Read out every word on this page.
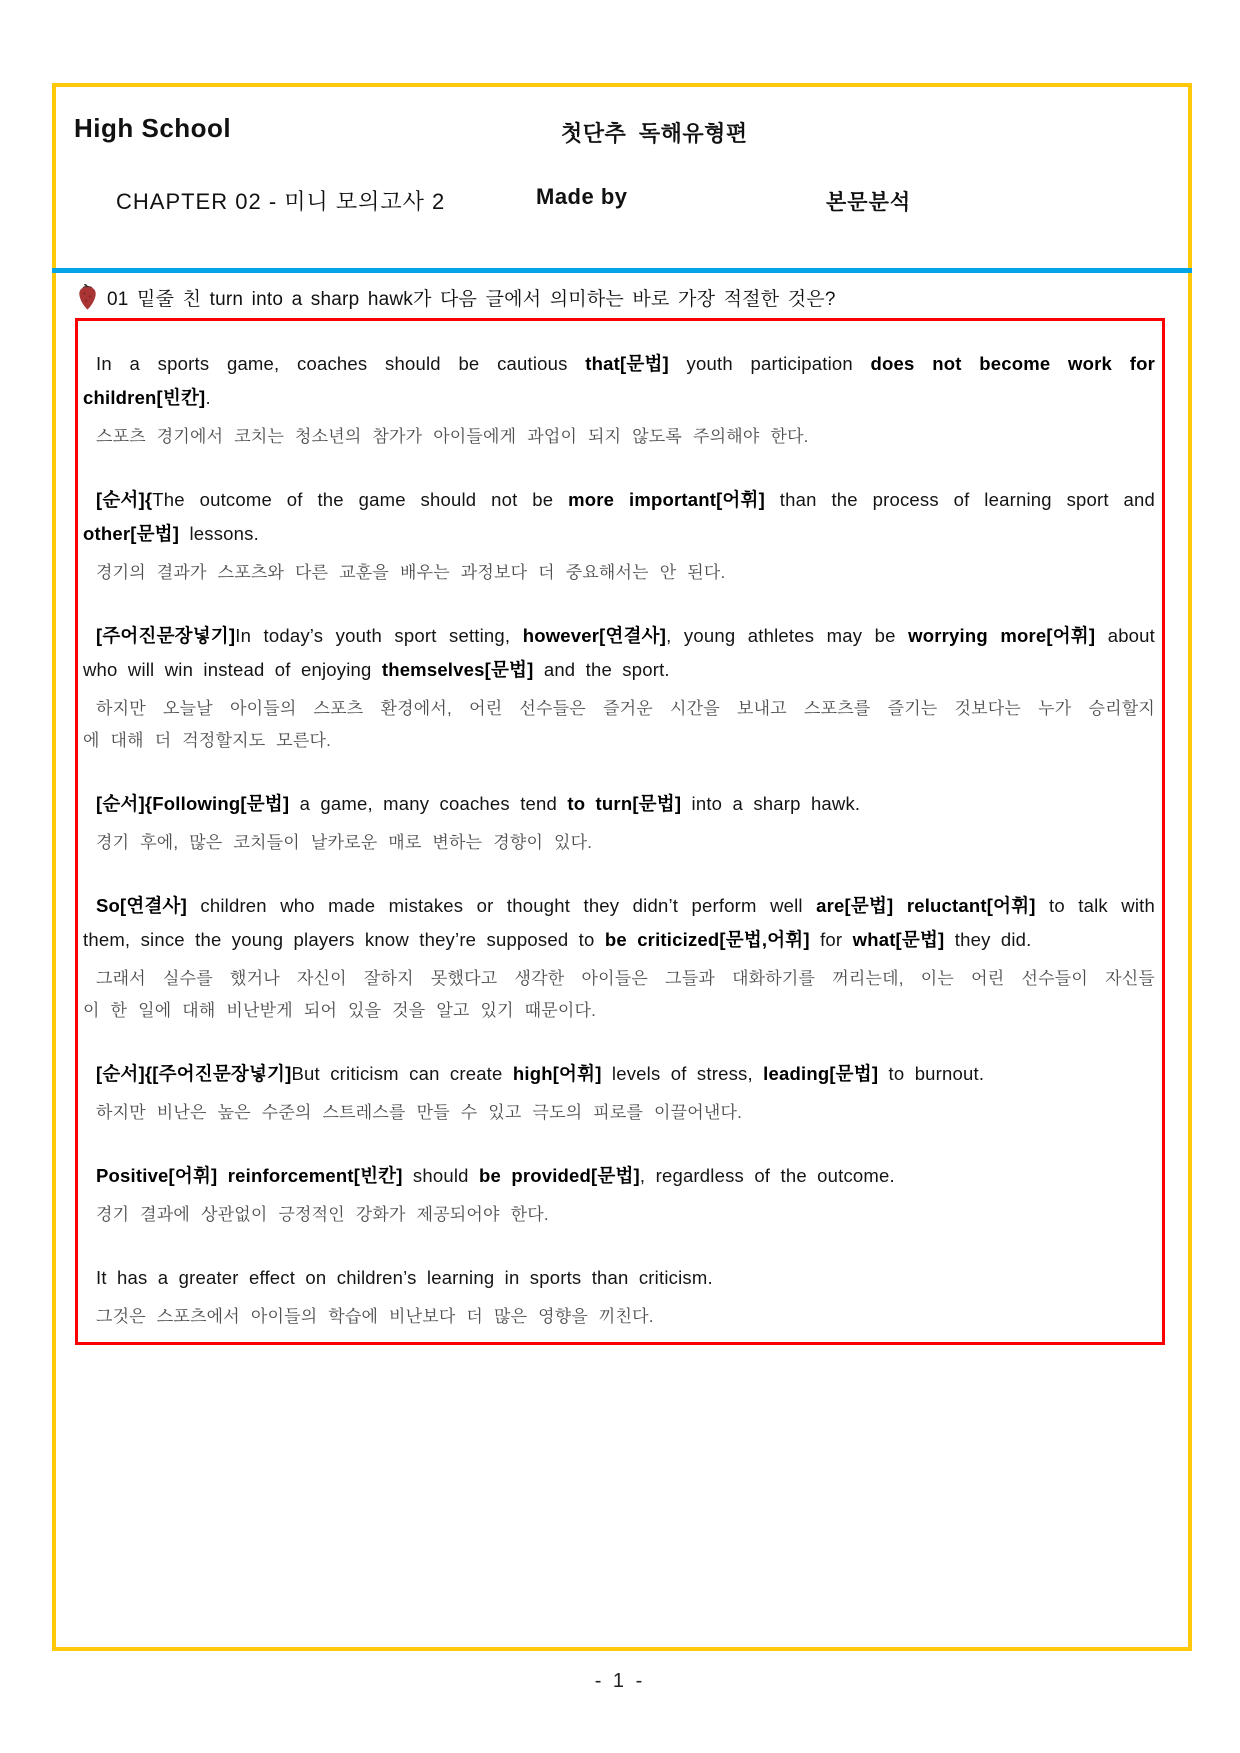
High School	첫단추 독해유형편
CHAPTER 02 - 미니 모의고사 2	Made by	본문분석
01 밑줄 친 turn into a sharp hawk가 다음 글에서 의미하는 바로 가장 적절한 것은?
In a sports game, coaches should be cautious that[문법] youth participation does not become work for
children[빈칸].
스포츠 경기에서 코치는 청소년의 참가가 아이들에게 과업이 되지 않도록 주의해야 한다.
[순서]{The outcome of the game should not be more important[어휘] than the process of learning sport and
other[문법] lessons.
경기의 결과가 스포츠와 다른 교훈을 배우는 과정보다 더 중요해서는 안 된다.
[주어진문장넣기]In today’s youth sport setting, however[연결사], young athletes may be worrying more[어휘] about
who will win instead of enjoying themselves[문법] and the sport.
하지만 오늘날 아이들의 스포츠 환경에서, 어린 선수들은 즐거운 시간을 보내고 스포츠를 즐기는 것보다는 누가 승리할지
에 대해 더 걱정할지도 모른다.
[순서]{Following[문법] a game, many coaches tend to turn[문법] into a sharp hawk.
경기 후에, 많은 코치들이 날카로운 매로 변하는 경향이 있다.
So[연결사] children who made mistakes or thought they didn’t perform well are[문법] reluctant[어휘] to talk with
them, since the young players know they’re supposed to be criticized[문법,어휘] for what[문법] they did.
그래서 실수를 했거나 자신이 잘하지 못했다고 생각한 아이들은 그들과 대화하기를 꺼리는데, 이는 어린 선수들이 자신들
이 한 일에 대해 비난받게 되어 있을 것을 알고 있기 때문이다.
[순서]{[주어진문장넣기]But criticism can create high[어휘] levels of stress, leading[문법] to burnout.
하지만 비난은 높은 수준의 스트레스를 만들 수 있고 극도의 피로를 이끌어낸다.
Positive[어휘] reinforcement[빈칸] should be provided[문법], regardless of the outcome.
경기 결과에 상관없이 긍정적인 강화가 제공되어야 한다.
It has a greater effect on children’s learning in sports than criticism.
그것은 스포츠에서 아이들의 학습에 비난보다 더 많은 영향을 끼친다.
- 1 -
